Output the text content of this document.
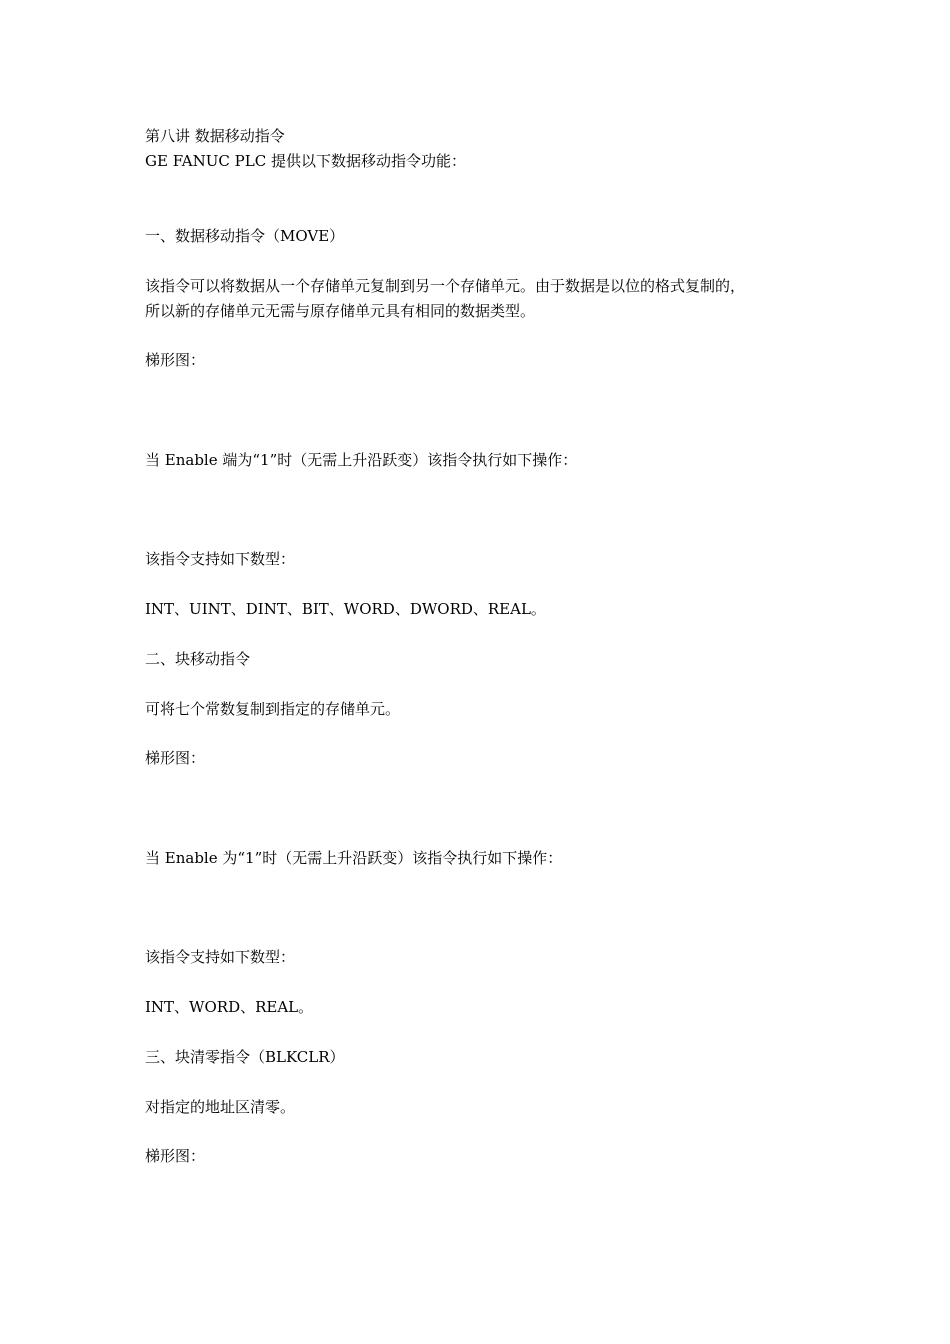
第八讲 数据移动指令
GE FANUC PLC 提供以下数据移动指令功能：
一、数据移动指令（MOVE）
该指令可以将数据从一个存储单元复制到另一个存储单元。由于数据是以位的格式复制的，
所以新的存储单元无需与原存储单元具有相同的数据类型。
梯形图：
当 Enable 端为“1”时（无需上升沿跃变）该指令执行如下操作：
该指令支持如下数型：
INT、UINT、DINT、BIT、WORD、DWORD、REAL。
二、块移动指令
可将七个常数复制到指定的存储单元。
梯形图：
当 Enable 为“1”时（无需上升沿跃变）该指令执行如下操作：
该指令支持如下数型：
INT、WORD、REAL。
三、块清零指令（BLKCLR）
对指定的地址区清零。
梯形图：
